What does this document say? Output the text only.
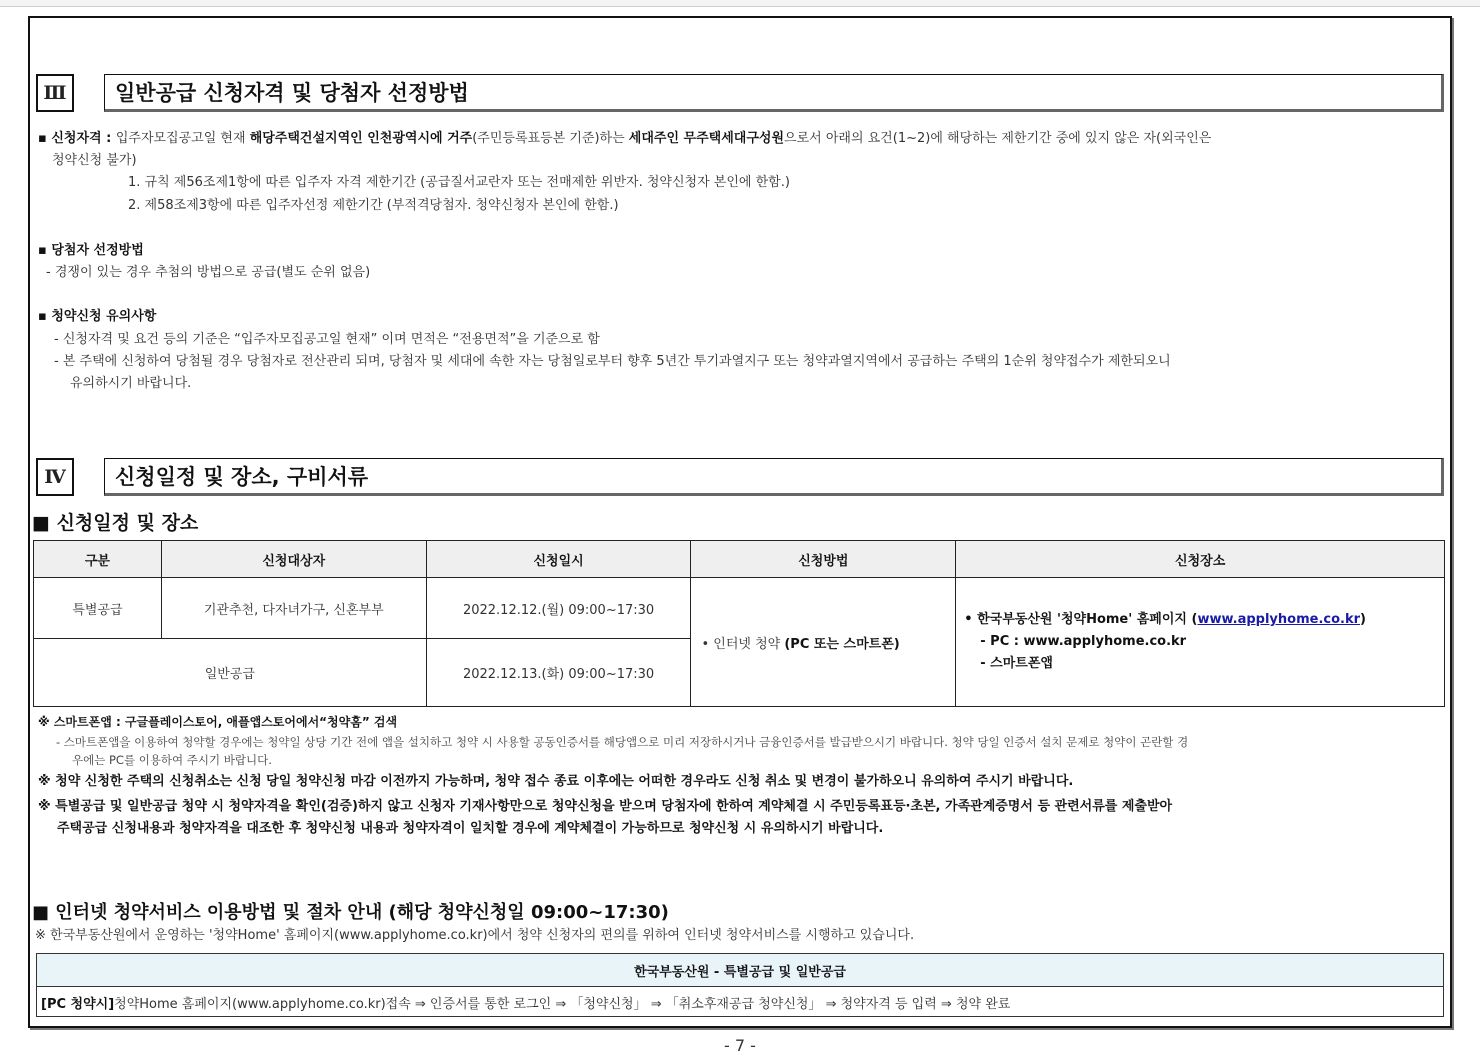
Ⅲ	일반공급 신청자격 및 당첨자 선정방법
▪ 신청자격 : 입주자모집공고일 현재 해당주택건설지역인 인천광역시에 거주(주민등록표등본 기준)하는 세대주인 무주택세대구성원으로서 아래의 요건(1~2)에 해당하는 제한기간 중에 있지 않은 자(외국인은
청약신청 불가)
1. 규칙 제56조제1항에 따른 입주자 자격 제한기간 (공급질서교란자 또는 전매제한 위반자. 청약신청자 본인에 한함.)
2. 제58조제3항에 따른 입주자선정 제한기간 (부적격당첨자. 청약신청자 본인에 한함.)
▪ 당첨자 선정방법
- 경쟁이 있는 경우 추첨의 방법으로 공급(별도 순위 없음)
▪ 청약신청 유의사항
- 신청자격 및 요건 등의 기준은 “입주자모집공고일 현재” 이며 면적은 “전용면적”을 기준으로 함
- 본 주택에 신청하여 당첨될 경우 당첨자로 전산관리 되며, 당첨자 및 세대에 속한 자는 당첨일로부터 향후 5년간 투기과열지구 또는 청약과열지역에서 공급하는 주택의 1순위 청약접수가 제한되오니
유의하시기 바랍니다.
Ⅳ	신청일정 및 장소, 구비서류
■ 신청일정 및 장소
구분	신청대상자	신청일시	신청방법	신청장소
특별공급	기관추천, 다자녀가구, 신혼부부	2022.12.12.(월) 09:00~17:30	• 인터넷 청약 (PC 또는 스마트폰)	• 한국부동산원 '청약Home' 홈페이지 (www.applyhome.co.kr)
- PC : www.applyhome.co.kr
- 스마트폰앱

일반공급		2022.12.13.(화) 09:00~17:30		
※ 스마트폰앱 : 구글플레이스토어, 애플앱스토어에서“청약홈” 검색
- 스마트폰앱을 이용하여 청약할 경우에는 청약일 상당 기간 전에 앱을 설치하고 청약 시 사용할 공동인증서를 해당앱으로 미리 저장하시거나 금융인증서를 발급받으시기 바랍니다. 청약 당일 인증서 설치 문제로 청약이 곤란할 경
우에는 PC를 이용하여 주시기 바랍니다.
※ 청약 신청한 주택의 신청취소는 신청 당일 청약신청 마감 이전까지 가능하며, 청약 접수 종료 이후에는 어떠한 경우라도 신청 취소 및 변경이 불가하오니 유의하여 주시기 바랍니다.
※ 특별공급 및 일반공급 청약 시 청약자격을 확인(검증)하지 않고 신청자 기재사항만으로 청약신청을 받으며 당첨자에 한하여 계약체결 시 주민등록표등·초본, 가족관계증명서 등 관련서류를 제출받아
주택공급 신청내용과 청약자격을 대조한 후 청약신청 내용과 청약자격이 일치할 경우에 계약체결이 가능하므로 청약신청 시 유의하시기 바랍니다.
■ 인터넷 청약서비스 이용방법 및 절차 안내 (해당 청약신청일 09:00~17:30)
※ 한국부동산원에서 운영하는 '청약Home' 홈페이지(www.applyhome.co.kr)에서 청약 신청자의 편의를 위하여 인터넷 청약서비스를 시행하고 있습니다.
한국부동산원 - 특별공급 및 일반공급
[PC 청약시] 청약Home 홈페이지(www.applyhome.co.kr)접속 ⇒ 인증서를 통한 로그인 ⇒ 「청약신청」 ⇒ 「취소후재공급 청약신청」 ⇒ 청약자격 등 입력 ⇒ 청약 완료
- 7 -
